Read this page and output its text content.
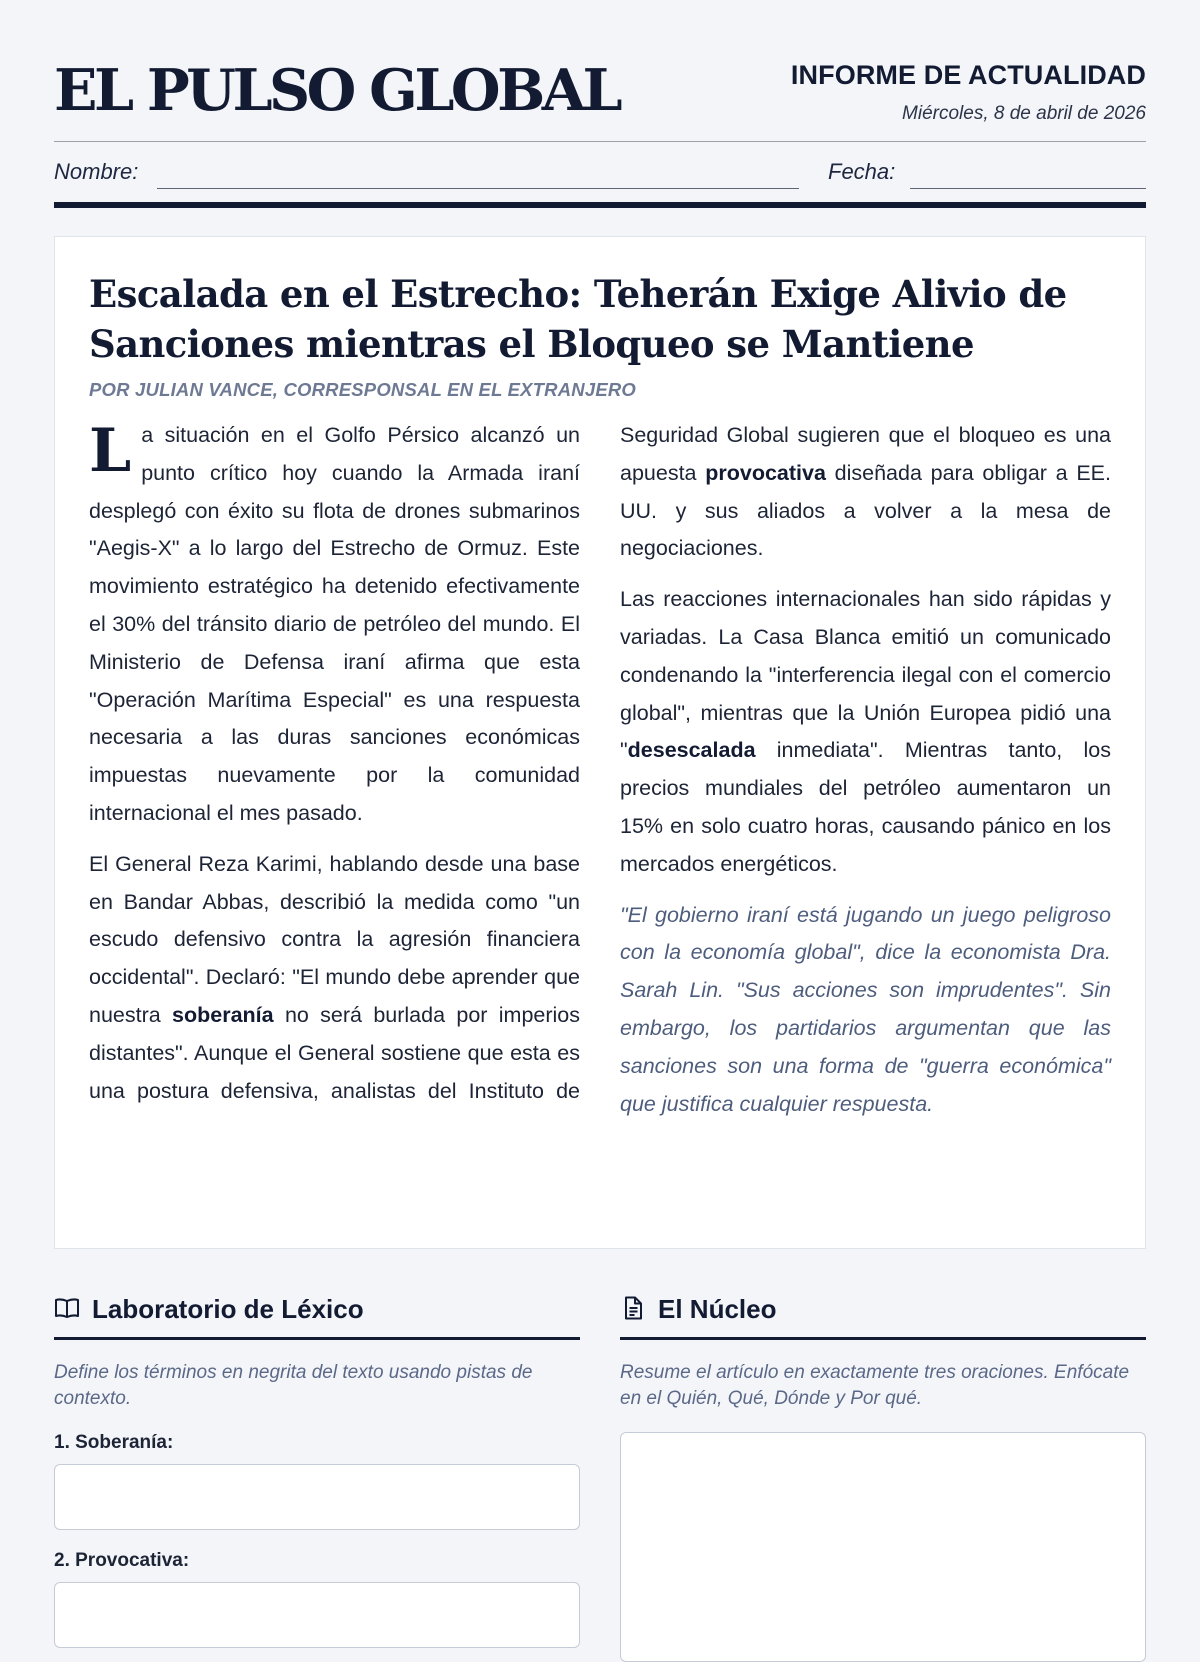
EL PULSO GLOBAL	INFORME DE ACTUALIDAD
Miércoles, 8 de abril de 2026
Nombre:	Fecha:
Escalada en el Estrecho: Teherán Exige Alivio de Sanciones mientras el Bloqueo se Mantiene
POR JULIAN VANCE, CORRESPONSAL EN EL EXTRANJERO

La situación en el Golfo Pérsico alcanzó un punto crítico hoy cuando la Armada iraní desplegó con éxito su flota de drones submarinos "Aegis-X" a lo largo del Estrecho de Ormuz. Este movimiento estratégico ha detenido efectivamente el 30% del tránsito diario de petróleo del mundo. El Ministerio de Defensa iraní afirma que esta "Operación Marítima Especial" es una respuesta necesaria a las duras sanciones económicas impuestas nuevamente por la comunidad internacional el mes pasado.

El General Reza Karimi, hablando desde una base en Bandar Abbas, describió la medida como "un escudo defensivo contra la agresión financiera occidental". Declaró: "El mundo debe aprender que nuestra soberanía no será burlada por imperios distantes". Aunque el General sostiene que esta es una postura defensiva, analistas del Instituto de Seguridad Global sugieren que el bloqueo es una apuesta provocativa diseñada para obligar a EE. UU. y sus aliados a volver a la mesa de negociaciones.

Las reacciones internacionales han sido rápidas y variadas. La Casa Blanca emitió un comunicado condenando la "interferencia ilegal con el comercio global", mientras que la Unión Europea pidió una "desescalada inmediata". Mientras tanto, los precios mundiales del petróleo aumentaron un 15% en solo cuatro horas, causando pánico en los mercados energéticos.

"El gobierno iraní está jugando un juego peligroso con la economía global", dice la economista Dra. Sarah Lin. "Sus acciones son imprudentes". Sin embargo, los partidarios argumentan que las sanciones son una forma de "guerra económica" que justifica cualquier respuesta.

Laboratorio de Léxico
Define los términos en negrita del texto usando pistas de contexto.
1. Soberanía:
2. Provocativa:
El Núcleo
Resume el artículo en exactamente tres oraciones. Enfócate en el Quién, Qué, Dónde y Por qué.
